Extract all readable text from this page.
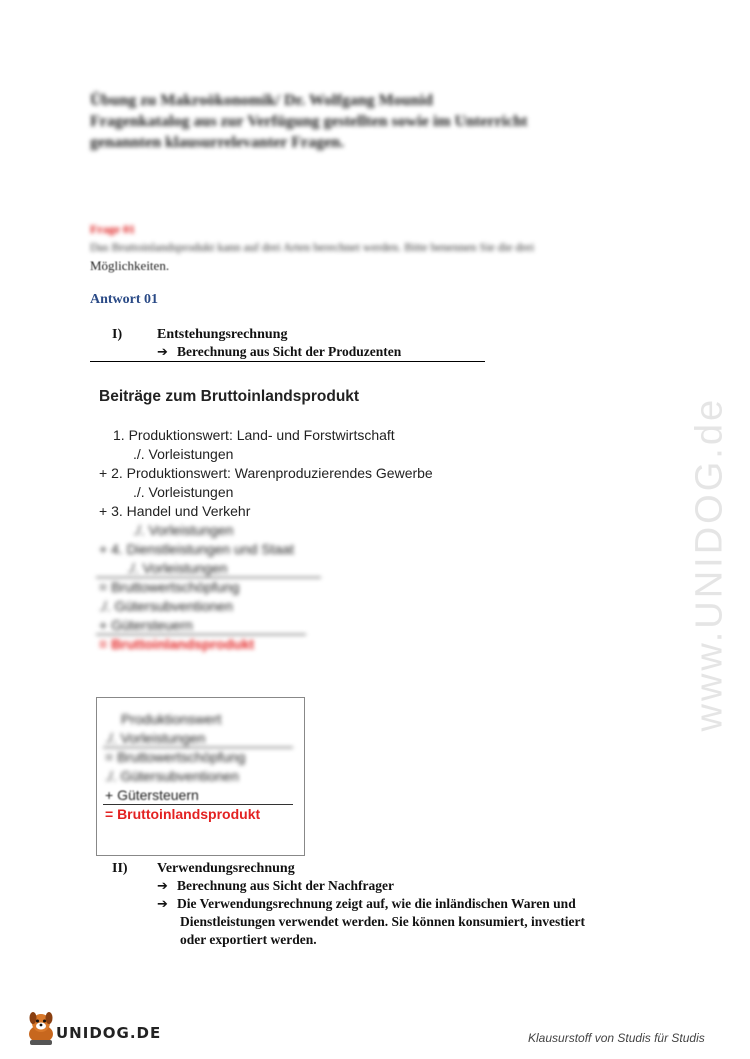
www.UNIDOG.de
Übung zu Makroökonomik/ Dr. Wolfgang Mounid
Fragenkatalog aus zur Verfügung gestellten sowie im Unterricht
genannten klausurrelevanter Fragen.
Frage 01
Das Bruttoinlandsprodukt kann auf drei Arten berechnet werden. Bitte benennen Sie die drei
Möglichkeiten.
Antwort 01
I) Entstehungsrechnung
➔ Berechnung aus Sicht der Produzenten
Beiträge zum Bruttoinlandsprodukt
1. Produktionswert: Land- und Forstwirtschaft
./. Vorleistungen
+ 2. Produktionswert: Warenproduzierendes Gewerbe
./. Vorleistungen
+ 3. Handel und Verkehr
./. Vorleistungen
+ 4. Dienstleistungen und Staat
./. Vorleistungen
= Bruttowertschöpfung
./. Gütersubventionen
+ Gütersteuern
= Bruttoinlandsprodukt
Produktionswert
./. Vorleistungen
= Bruttowertschöpfung
./. Gütersubventionen
+ Gütersteuern
= Bruttoinlandsprodukt
II) Verwendungsrechnung
➔ Berechnung aus Sicht der Nachfrager
➔ Die Verwendungsrechnung zeigt auf, wie die inländischen Waren und
Dienstleistungen verwendet werden. Sie können konsumiert, investiert
oder exportiert werden.
UNIDOG.DE	Klausurstoff von Studis für Studis
